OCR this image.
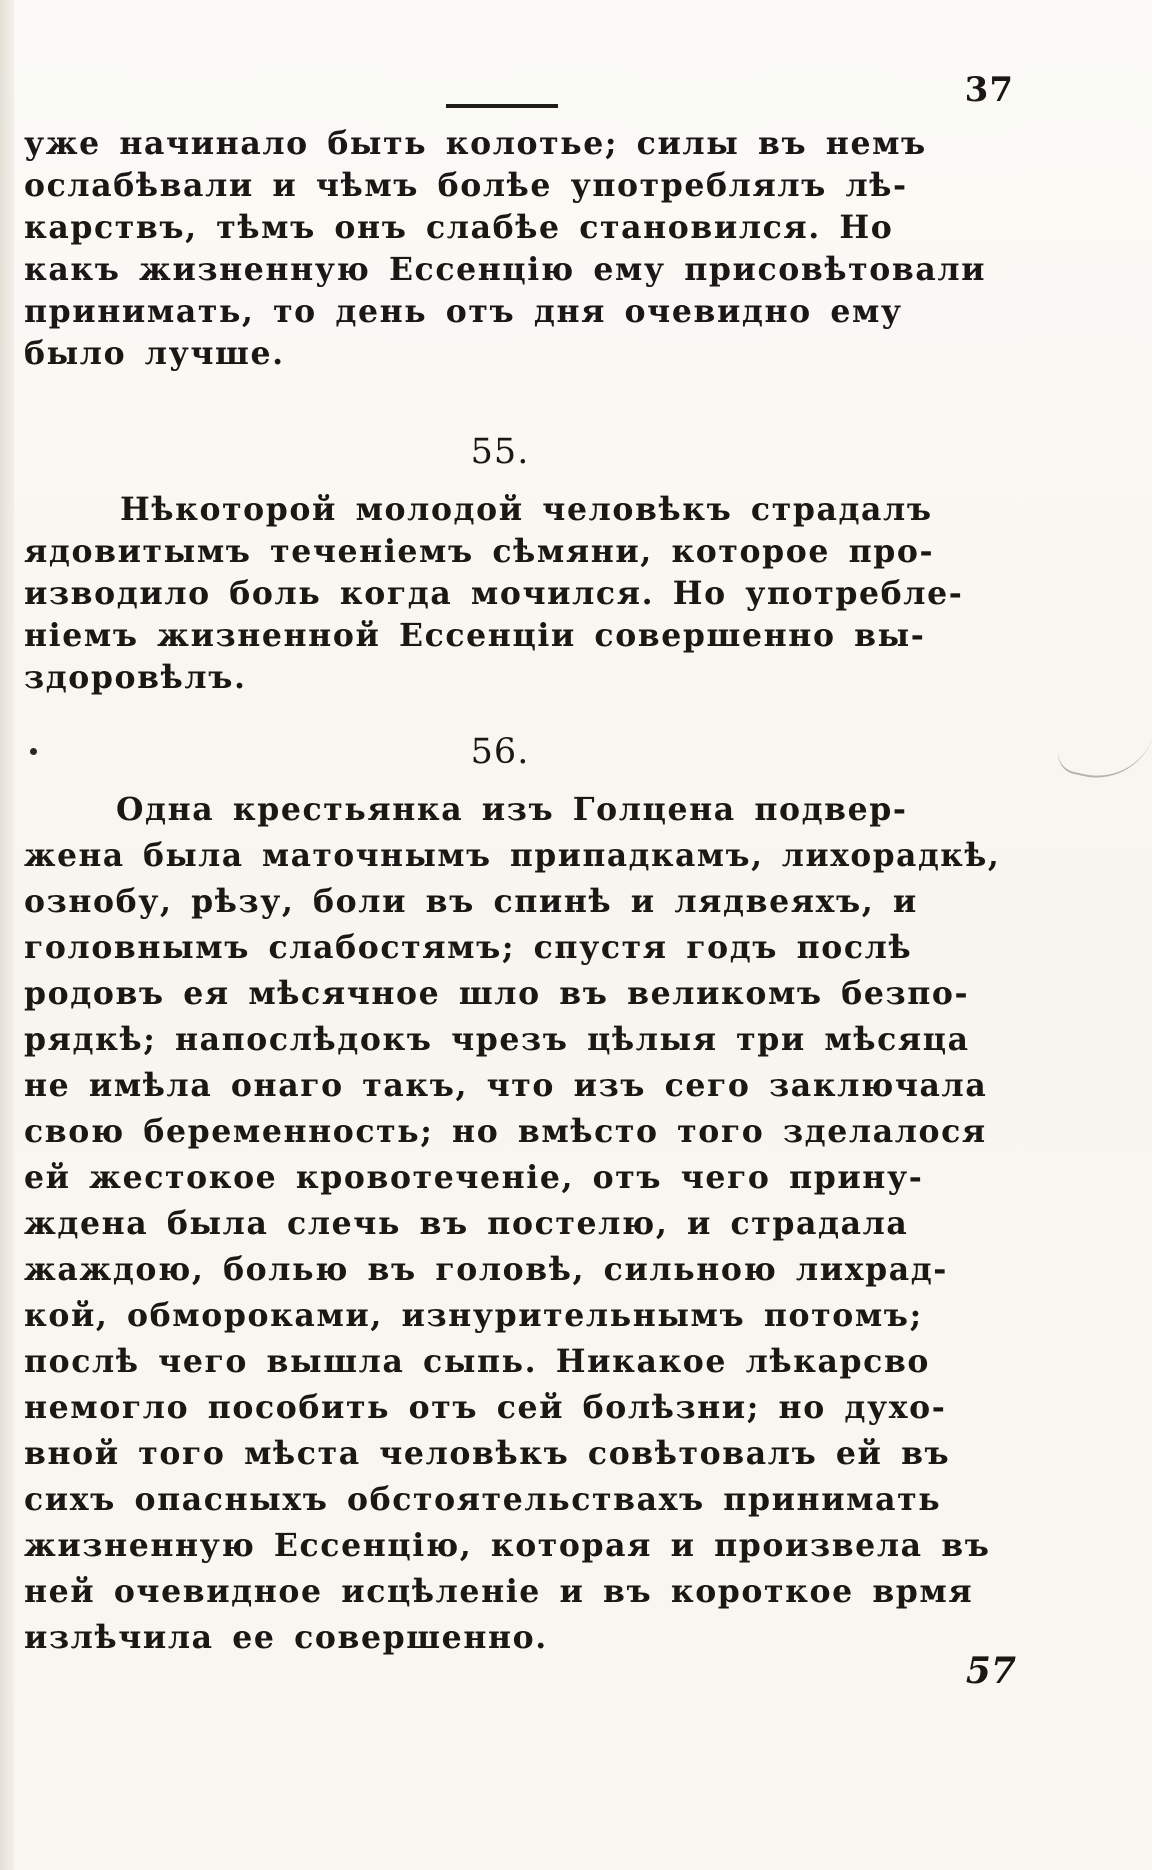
37
уже начинало быть колотье; силы въ немъ
ослабѣвали и чѣмъ болѣе употреблялъ лѣ-
карствъ, тѣмъ онъ слабѣе становился. Но
какъ жизненную Ессенцію ему присовѣтовали
принимать, то день отъ дня очевидно ему
было лучше.
55.
Нѣкоторой молодой человѣкъ страдалъ
ядовитымъ теченіемъ сѣмяни, которое про-
изводило боль когда мочился. Но употребле-
ніемъ жизненной Ессенціи совершенно вы-
здоровѣлъ.
56.
Одна крестьянка изъ Голцена подвер-
жена была маточнымъ припадкамъ, лихорадкѣ,
ознобу, рѣзу, боли въ спинѣ и лядвеяхъ, и
головнымъ слабостямъ; спустя годъ послѣ
родовъ ея мѣсячное шло въ великомъ безпо-
рядкѣ; напослѣдокъ чрезъ цѣлыя три мѣсяца
не имѣла онаго такъ, что изъ сего заключала
свою беременность; но вмѣсто того зделалося
ей жестокое кровотеченіе, отъ чего прину-
ждена была слечь въ постелю, и страдала
жаждою, болью въ головѣ, сильною лихрад-
кой, обмороками, изнурительнымъ потомъ;
послѣ чего вышла сыпь. Никакое лѣкарсво
немогло пособить отъ сей болѣзни; но духо-
вной того мѣста человѣкъ совѣтовалъ ей въ
сихъ опасныхъ обстоятельствахъ принимать
жизненную Ессенцію, которая и произвела въ
ней очевидное исцѣленіе и въ короткое врмя
излѣчила ее совершенно.
57
